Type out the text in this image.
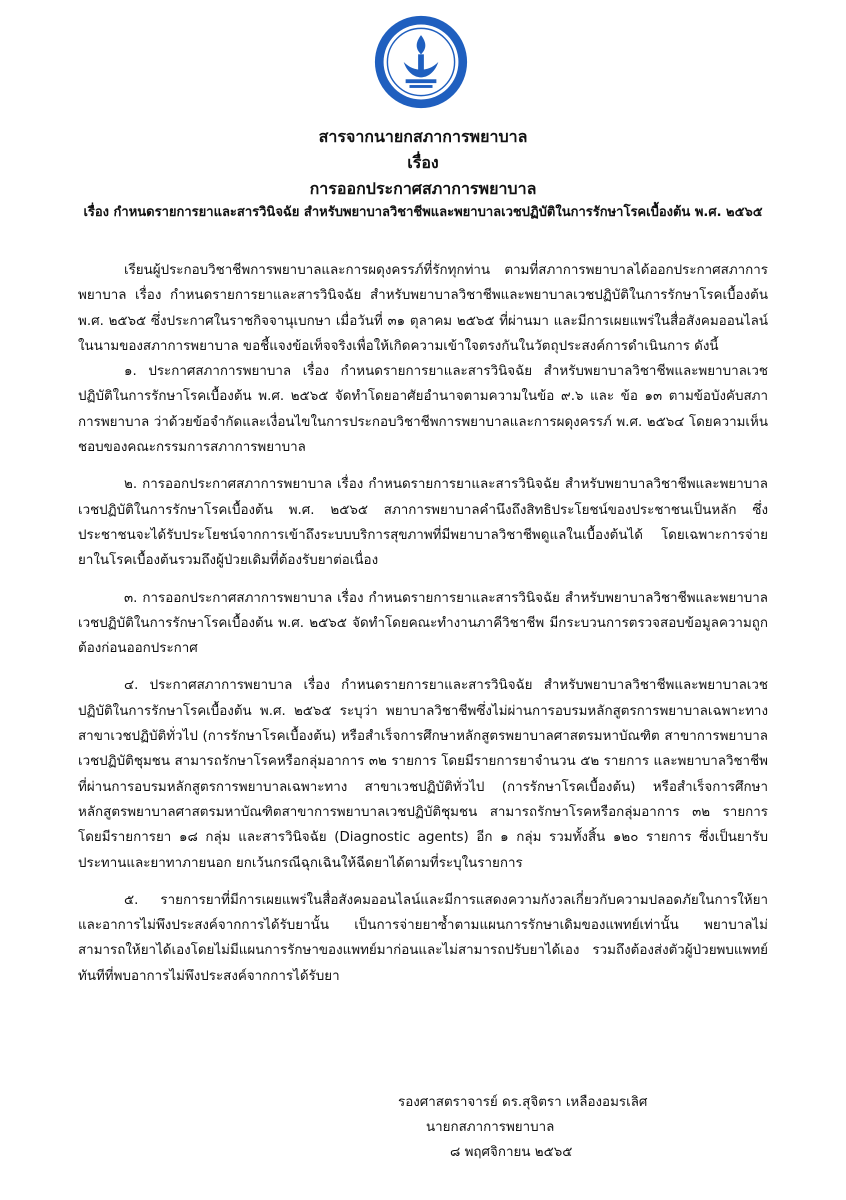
สารจากนายกสภาการพยาบาล
เรื่อง
การออกประกาศสภาการพยาบาล
เรื่อง กำหนดรายการยาและสารวินิจฉัย สำหรับพยาบาลวิชาชีพและพยาบาลเวชปฏิบัติในการรักษาโรคเบื้องต้น พ.ศ. ๒๕๖๕

เรียนผู้ประกอบวิชาชีพการพยาบาลและการผดุงครรภ์ที่รักทุกท่าน ตามที่สภาการพยาบาลได้ออกประกาศสภาการพยาบาล เรื่อง กำหนดรายการยาและสารวินิจฉัย สำหรับพยาบาลวิชาชีพและพยาบาลเวชปฏิบัติในการรักษาโรคเบื้องต้น พ.ศ. ๒๕๖๕ ซึ่งประกาศในราชกิจจานุเบกษา เมื่อวันที่ ๓๑ ตุลาคม ๒๕๖๕ ที่ผ่านมา และมีการเผยแพร่ในสื่อสังคมออนไลน์ ในนามของสภาการพยาบาล ขอชี้แจงข้อเท็จจริงเพื่อให้เกิดความเข้าใจตรงกันในวัตถุประสงค์การดำเนินการ ดังนี้

๑. ประกาศสภาการพยาบาล เรื่อง กำหนดรายการยาและสารวินิจฉัย สำหรับพยาบาลวิชาชีพและพยาบาลเวชปฏิบัติในการรักษาโรคเบื้องต้น พ.ศ. ๒๕๖๕ จัดทำโดยอาศัยอำนาจตามความในข้อ ๙.๖ และ ข้อ ๑๓ ตามข้อบังคับสภาการพยาบาล ว่าด้วยข้อจำกัดและเงื่อนไขในการประกอบวิชาชีพการพยาบาลและการผดุงครรภ์ พ.ศ. ๒๕๖๔ โดยความเห็นชอบของคณะกรรมการสภาการพยาบาล

๒. การออกประกาศสภาการพยาบาล เรื่อง กำหนดรายการยาและสารวินิจฉัย สำหรับพยาบาลวิชาชีพและพยาบาลเวชปฏิบัติในการรักษาโรคเบื้องต้น พ.ศ. ๒๕๖๕ สภาการพยาบาลคำนึงถึงสิทธิประโยชน์ของประชาชนเป็นหลัก ซึ่งประชาชนจะได้รับประโยชน์จากการเข้าถึงระบบบริการสุขภาพที่มีพยาบาลวิชาชีพดูแลในเบื้องต้นได้ โดยเฉพาะการจ่ายยาในโรคเบื้องต้นรวมถึงผู้ป่วยเดิมที่ต้องรับยาต่อเนื่อง

๓. การออกประกาศสภาการพยาบาล เรื่อง กำหนดรายการยาและสารวินิจฉัย สำหรับพยาบาลวิชาชีพและพยาบาลเวชปฏิบัติในการรักษาโรคเบื้องต้น พ.ศ. ๒๕๖๕ จัดทำโดยคณะทำงานภาคีวิชาชีพ มีกระบวนการตรวจสอบข้อมูลความถูกต้องก่อนออกประกาศ

๔. ประกาศสภาการพยาบาล เรื่อง กำหนดรายการยาและสารวินิจฉัย สำหรับพยาบาลวิชาชีพและพยาบาลเวชปฏิบัติในการรักษาโรคเบื้องต้น พ.ศ. ๒๕๖๕ ระบุว่า พยาบาลวิชาชีพซึ่งไม่ผ่านการอบรมหลักสูตรการพยาบาลเฉพาะทาง สาขาเวชปฏิบัติทั่วไป (การรักษาโรคเบื้องต้น) หรือสำเร็จการศึกษาหลักสูตรพยาบาลศาสตรมหาบัณฑิต สาขาการพยาบาลเวชปฏิบัติชุมชน สามารถรักษาโรคหรือกลุ่มอาการ ๓๒ รายการ โดยมีรายการยาจำนวน ๕๒ รายการ และพยาบาลวิชาชีพที่ผ่านการอบรมหลักสูตรการพยาบาลเฉพาะทาง สาขาเวชปฏิบัติทั่วไป (การรักษาโรคเบื้องต้น) หรือสำเร็จการศึกษาหลักสูตรพยาบาลศาสตรมหาบัณฑิตสาขาการพยาบาลเวชปฏิบัติชุมชน สามารถรักษาโรคหรือกลุ่มอาการ ๓๒ รายการ โดยมีรายการยา ๑๘ กลุ่ม และสารวินิจฉัย (Diagnostic agents) อีก ๑ กลุ่ม รวมทั้งสิ้น ๑๒๐ รายการ ซึ่งเป็นยารับประทานและยาทาภายนอก ยกเว้นกรณีฉุกเฉินให้ฉีดยาได้ตามที่ระบุในรายการ

๕. รายการยาที่มีการเผยแพร่ในสื่อสังคมออนไลน์และมีการแสดงความกังวลเกี่ยวกับความปลอดภัยในการให้ยาและอาการไม่พึงประสงค์จากการได้รับยานั้น เป็นการจ่ายยาซ้ำตามแผนการรักษาเดิมของแพทย์เท่านั้น พยาบาลไม่สามารถให้ยาได้เองโดยไม่มีแผนการรักษาของแพทย์มาก่อนและไม่สามารถปรับยาได้เอง รวมถึงต้องส่งตัวผู้ป่วยพบแพทย์ทันทีที่พบอาการไม่พึงประสงค์จากการได้รับยา

รองศาสตราจารย์ ดร.สุจิตรา เหลืองอมรเลิศ
นายกสภาการพยาบาล
๘ พฤศจิกายน ๒๕๖๕
